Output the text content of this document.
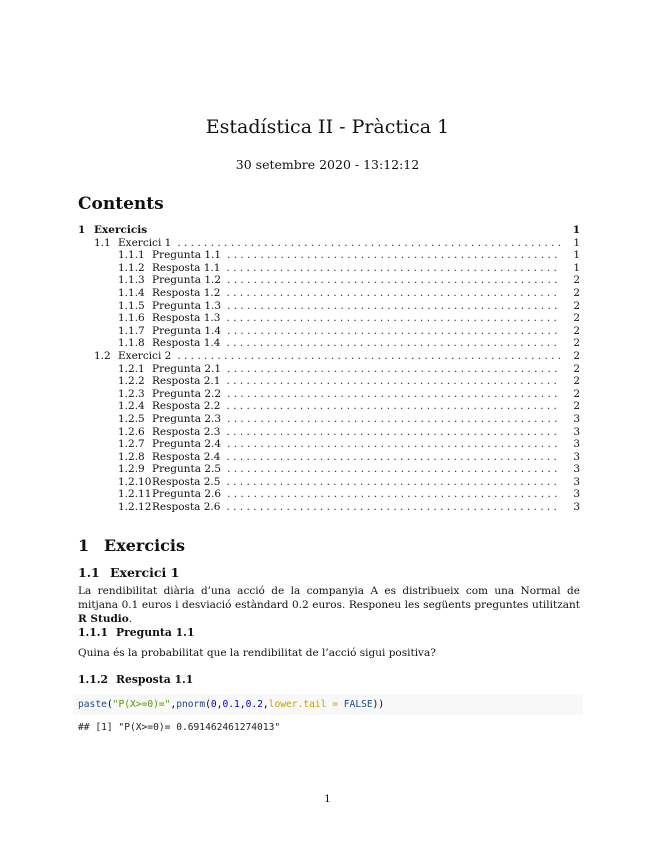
Estadística II - Pràctica 1
30 setembre 2020 - 13:12:12
Contents
1 Exercicis	1
1.1 Exercici 1 . . .	1
1.1.1 Pregunta 1.1 . . .	1
1.1.2 Resposta 1.1 . . .	1
1.1.3 Pregunta 1.2 . . .	2
1.1.4 Resposta 1.2 . . .	2
1.1.5 Pregunta 1.3 . . .	2
1.1.6 Resposta 1.3 . . .	2
1.1.7 Pregunta 1.4 . . .	2
1.1.8 Resposta 1.4 . . .	2
1.2 Exercici 2 . . .	2
1.2.1 Pregunta 2.1 . . .	2
1.2.2 Resposta 2.1 . . .	2
1.2.3 Pregunta 2.2 . . .	2
1.2.4 Resposta 2.2 . . .	2
1.2.5 Pregunta 2.3 . . .	3
1.2.6 Resposta 2.3 . . .	3
1.2.7 Pregunta 2.4 . . .	3
1.2.8 Resposta 2.4 . . .	3
1.2.9 Pregunta 2.5 . . .	3
1.2.10 Resposta 2.5 . . .	3
1.2.11 Pregunta 2.6 . . .	3
1.2.12 Resposta 2.6 . . .	3
1 Exercicis
1.1 Exercici 1
La rendibilitat diària d’una acció de la companyia A es distribueix com una Normal de mitjana 0.1 euros i desviació estàndard 0.2 euros. Responeu les següents preguntes utilitzant R Studio.
1.1.1 Pregunta 1.1
Quina és la probabilitat que la rendibilitat de l’acció sigui positiva?
1.1.2 Resposta 1.1
paste("P(X>=0)=",pnorm(0,0.1,0.2,lower.tail = FALSE))
## [1] "P(X>=0)= 0.691462461274013"
1
